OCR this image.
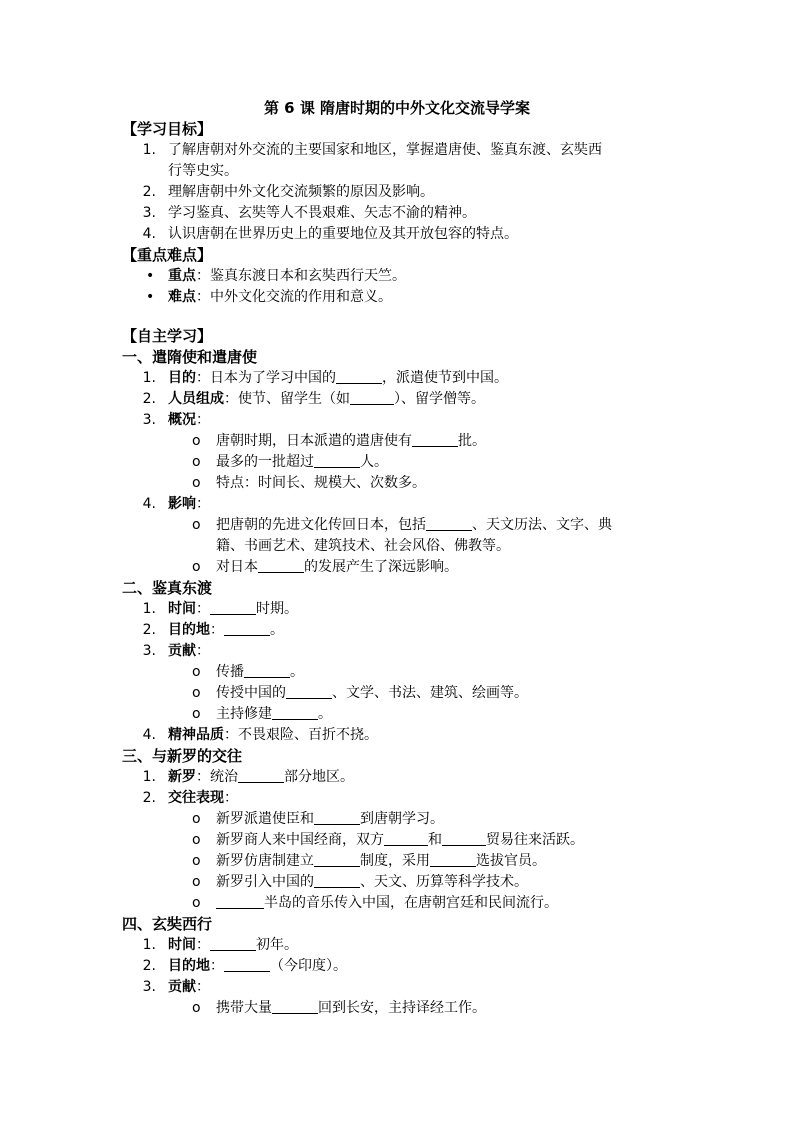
第 6 课 隋唐时期的中外文化交流导学案
【学习目标】
1. 了解唐朝对外交流的主要国家和地区，掌握遣唐使、鉴真东渡、玄奘西
行等史实。
2. 理解唐朝中外文化交流频繁的原因及影响。
3. 学习鉴真、玄奘等人不畏艰难、矢志不渝的精神。
4. 认识唐朝在世界历史上的重要地位及其开放包容的特点。
【重点难点】
• 重点：鉴真东渡日本和玄奘西行天竺。
• 难点：中外文化交流的作用和意义。
【自主学习】
一、遣隋使和遣唐使
1. 目的：日本为了学习中国的	，派遣使节到中国。
2. 人员组成：使节、留学生（如	）、留学僧等。
3. 概况：
o 唐朝时期，日本派遣的遣唐使有	批。
o 最多的一批超过	人。
o 特点：时间长、规模大、次数多。
4. 影响：
o 把唐朝的先进文化传回日本，包括	、天文历法、文字、典
籍、书画艺术、建筑技术、社会风俗、佛教等。
o 对日本	的发展产生了深远影响。
二、鉴真东渡
1. 时间：	时期。
2. 目的地：	。
3. 贡献：
o 传播	。
o 传授中国的	、文学、书法、建筑、绘画等。
o 主持修建	。
4. 精神品质：不畏艰险、百折不挠。
三、与新罗的交往
1. 新罗：统治	部分地区。
2. 交往表现：
o 新罗派遣使臣和	到唐朝学习。
o 新罗商人来中国经商，双方	和	贸易往来活跃。
o 新罗仿唐制建立	制度，采用	选拔官员。
o 新罗引入中国的	、天文、历算等科学技术。
o	半岛的音乐传入中国，在唐朝宫廷和民间流行。
四、玄奘西行
1. 时间：	初年。
2. 目的地：	（今印度）。
3. 贡献：
o 携带大量	回到长安，主持译经工作。
